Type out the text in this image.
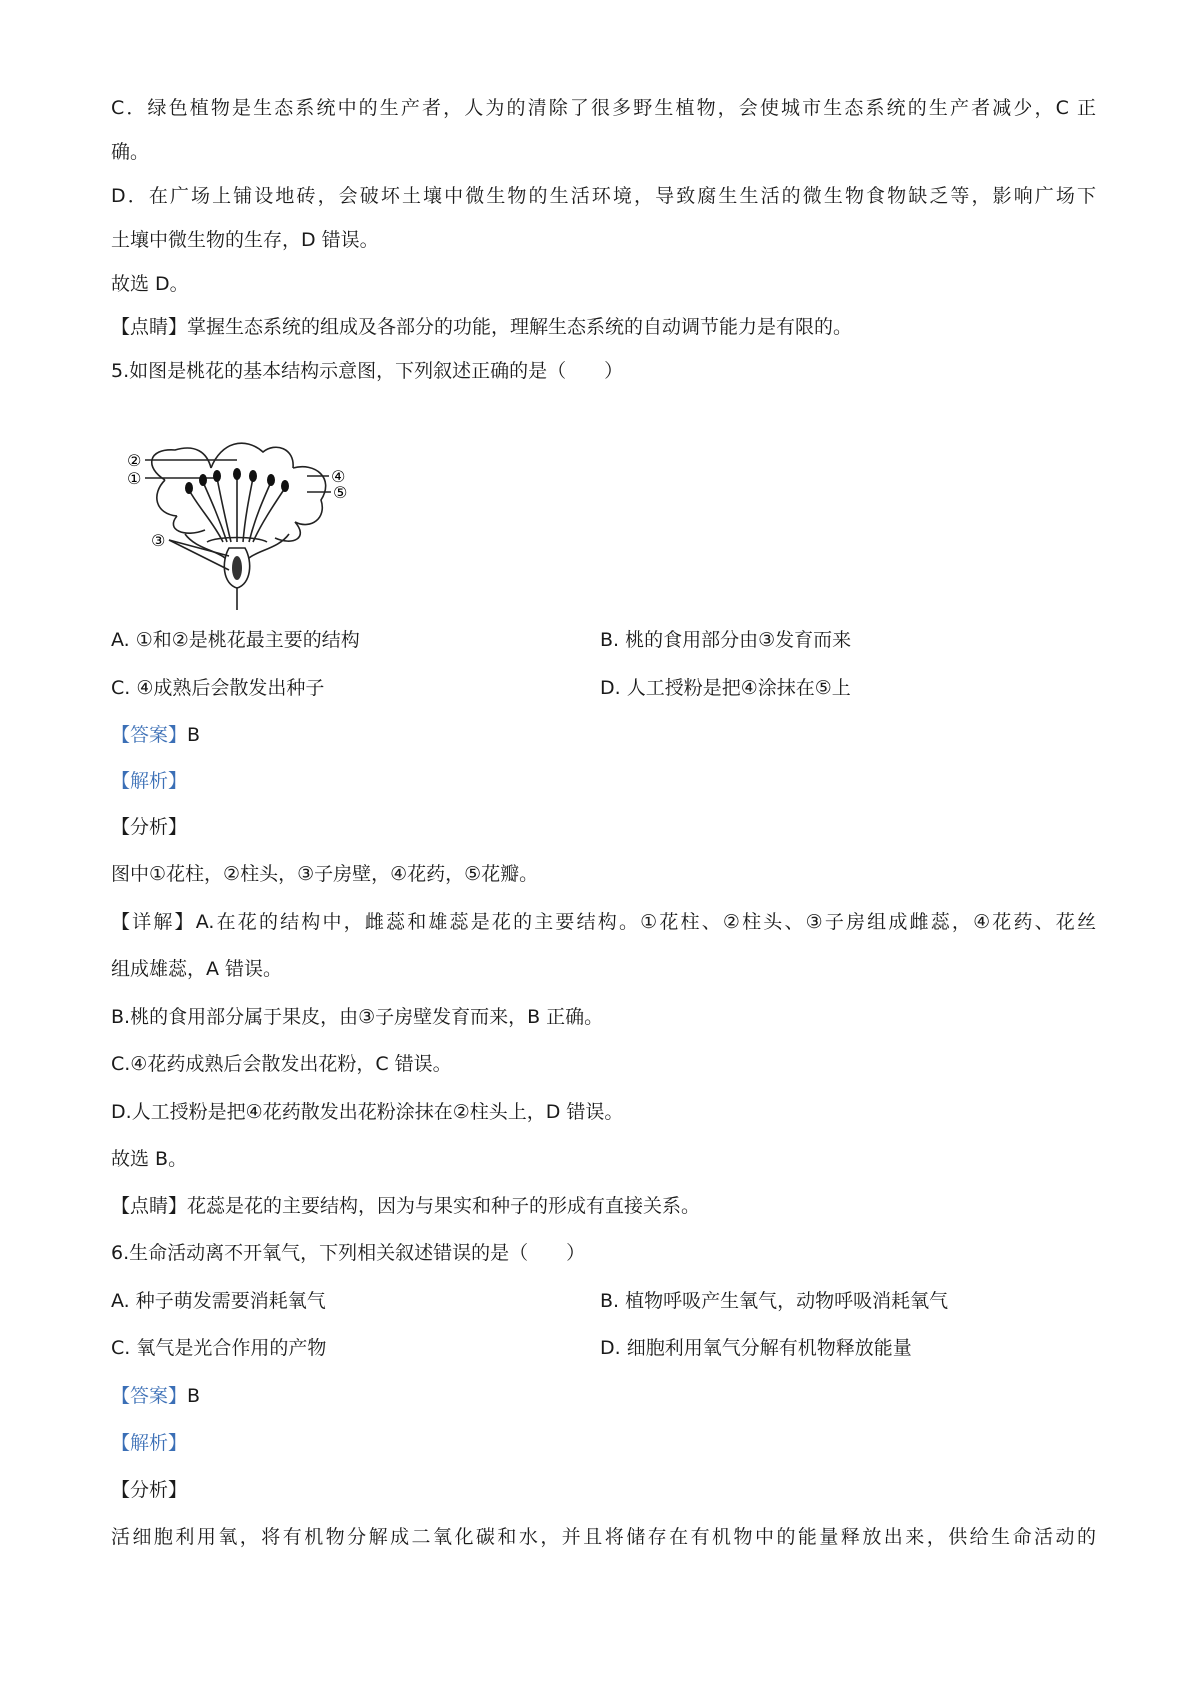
C．绿色植物是生态系统中的生产者，人为的清除了很多野生植物，会使城市生态系统的生产者减少，C 正
确。
D．在广场上铺设地砖，会破坏土壤中微生物的生活环境，导致腐生生活的微生物食物缺乏等，影响广场下
土壤中微生物的生存，D 错误。
故选 D。
【点睛】掌握生态系统的组成及各部分的功能，理解生态系统的自动调节能力是有限的。
5.如图是桃花的基本结构示意图，下列叙述正确的是（　　）
②
①
③
④
⑤
A. ①和②是桃花最主要的结构	B. 桃的食用部分由③发育而来
C. ④成熟后会散发出种子	D. 人工授粉是把④涂抹在⑤上
【答案】B
【解析】
【分析】
图中①花柱，②柱头，③子房壁，④花药，⑤花瓣。
【详解】A.在花的结构中，雌蕊和雄蕊是花的主要结构。①花柱、②柱头、③子房组成雌蕊，④花药、花丝
组成雄蕊，A 错误。
B.桃的食用部分属于果皮，由③子房壁发育而来，B 正确。
C.④花药成熟后会散发出花粉，C 错误。
D.人工授粉是把④花药散发出花粉涂抹在②柱头上，D 错误。
故选 B。
【点睛】花蕊是花的主要结构，因为与果实和种子的形成有直接关系。
6.生命活动离不开氧气，下列相关叙述错误的是（　　）
A. 种子萌发需要消耗氧气	B. 植物呼吸产生氧气，动物呼吸消耗氧气
C. 氧气是光合作用的产物	D. 细胞利用氧气分解有机物释放能量
【答案】B
【解析】
【分析】
活细胞利用氧，将有机物分解成二氧化碳和水，并且将储存在有机物中的能量释放出来，供给生命活动的
